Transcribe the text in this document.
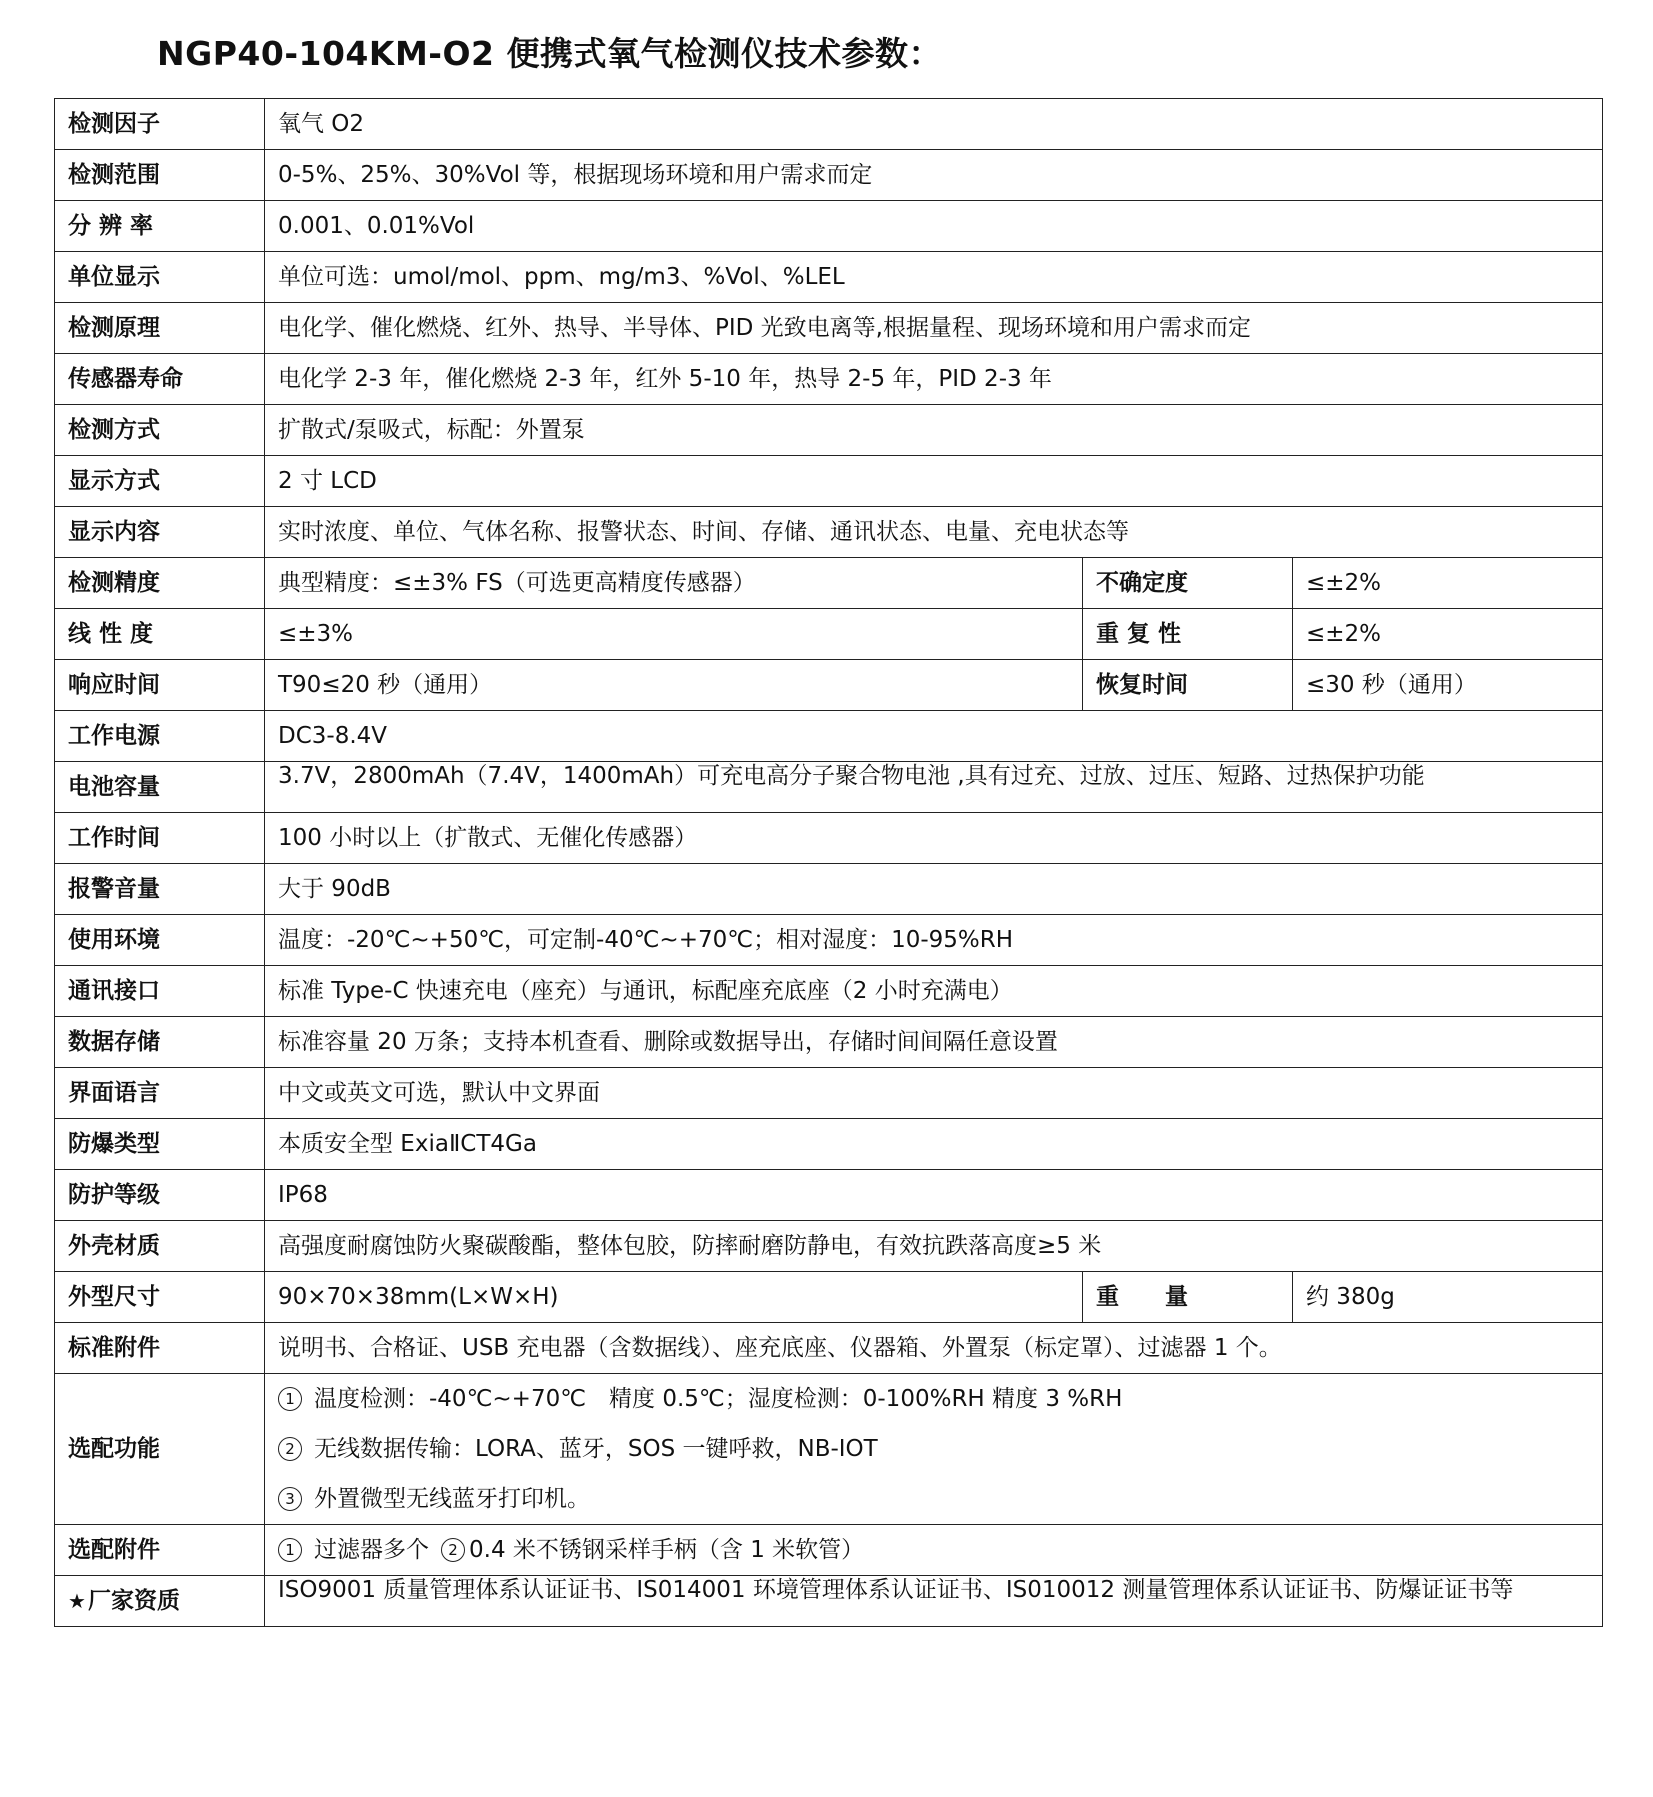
NGP40-104KM-O2 便携式氧气检测仪技术参数：
检测因子	氧气 O2		
检测范围	0-5%、25%、30%Vol 等，根据现场环境和用户需求而定		
分 辨 率	0.001、0.01%Vol		
单位显示	单位可选：umol/mol、ppm、mg/m3、%Vol、%LEL		
检测原理	电化学、催化燃烧、红外、热导、半导体、PID 光致电离等,根据量程、现场环境和用户需求而定		
传感器寿命	电化学 2-3 年，催化燃烧 2-3 年，红外 5-10 年，热导 2-5 年，PID 2-3 年		
检测方式	扩散式/泵吸式，标配：外置泵		
显示方式	2 寸 LCD		
显示内容	实时浓度、单位、气体名称、报警状态、时间、存储、通讯状态、电量、充电状态等		
检测精度	典型精度：≤±3% FS（可选更高精度传感器）	不确定度	≤±2%
线 性 度	≤±3%	重 复 性	≤±2%
响应时间	T90≤20 秒（通用）	恢复时间	≤30 秒（通用）
工作电源	DC3-8.4V		
电池容量	3.7V，2800mAh（7.4V，1400mAh）可充电高分子聚合物电池 ,具有过充、过放、过压、短路、过热保护功能		
工作时间	100 小时以上（扩散式、无催化传感器）		
报警音量	大于 90dB		
使用环境	温度：-20℃~+50℃，可定制-40℃~+70℃；相对湿度：10-95%RH		
通讯接口	标准 Type-C 快速充电（座充）与通讯，标配座充底座（2 小时充满电）		
数据存储	标准容量 20 万条；支持本机查看、删除或数据导出，存储时间间隔任意设置		
界面语言	中文或英文可选，默认中文界面		
防爆类型	本质安全型 ExiaⅡCT4Ga		
防护等级	IP68		
外壳材质	高强度耐腐蚀防火聚碳酸酯，整体包胶，防摔耐磨防静电，有效抗跌落高度≥5 米		
外型尺寸	90×70×38mm(L×W×H)	重　　量	约 380g
标准附件	说明书、合格证、USB 充电器（含数据线）、座充底座、仪器箱、外置泵（标定罩）、过滤器 1 个。		
选配功能	1 温度检测：-40℃~+70℃　精度 0.5℃；湿度检测：0-100%RH 精度 3 %RH
2 无线数据传输：LORA、蓝牙，SOS 一键呼救，NB-IOT
3 外置微型无线蓝牙打印机。		

选配附件	1 过滤器多个 2 0.4 米不锈钢采样手柄（含 1 米软管）		
★厂家资质	ISO9001 质量管理体系认证证书、IS014001 环境管理体系认证证书、IS010012 测量管理体系认证证书、防爆证证书等		
